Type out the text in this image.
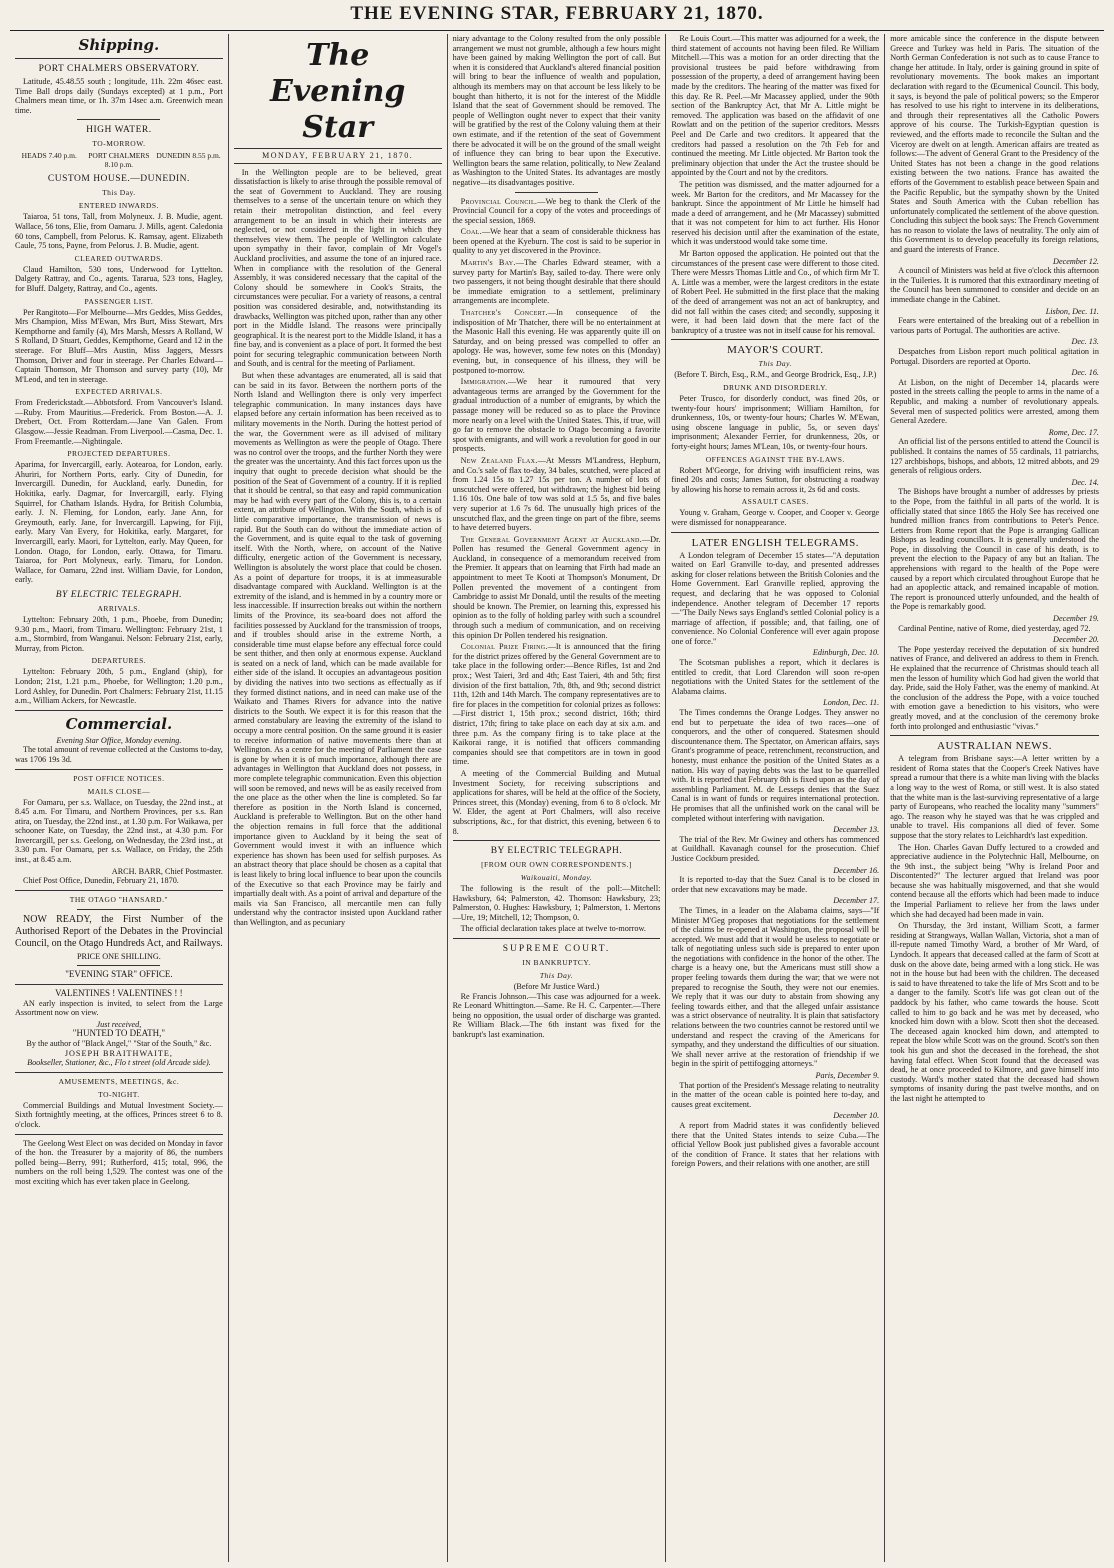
THE EVENING STAR, FEBRUARY 21, 1870.
Shipping.
PORT CHALMERS OBSERVATORY.

Latitude, 45.48.55 south ; longitude, 11h. 22m 46sec east. Time Ball drops daily (Sundays excepted) at 1 p.m., Port Chalmers mean time, or 1h. 37m 14sec a.m. Greenwich mean time.

HIGH WATER.
TO-MORROW.
HEADS 7.40 p.m.	PORT CHALMERS 8.10 p.m.
DUNEDIN 8.55 p.m.
CUSTOM HOUSE.—DUNEDIN.
This Day.
ENTERED INWARDS.

Taiaroa, 51 tons, Tall, from Molyneux. J. B. Mudie, agent. Wallace, 56 tons, Elie, from Oamaru. J. Mills, agent. Caledonia 60 tons, Campbell, from Pelorus. K. Ramsay, agent. Elizabeth Caule, 75 tons, Payne, from Pelorus. J. B. Mudie, agent.

CLEARED OUTWARDS.

Claud Hamilton, 530 tons, Underwood for Lyttelton. Dalgety Rattray, and Co., agents. Tararua, 523 tons, Hagley, for Bluff. Dalgety, Rattray, and Co., agents.

PASSENGER LIST.

Per Rangitoto—For Melbourne—Mrs Geddes, Miss Geddes, Mrs Champion, Miss M'Ewan, Mrs Burt, Miss Stewart, Mrs Kempthorne and family (4), Mrs Marsh, Messrs A Rolland, W S Rolland, D Stuart, Geddes, Kempthorne, Geard and 12 in the steerage. For Bluff—Mrs Austin, Miss Jaggers, Messrs Thomson, Driver and four in steerage. Per Charles Edward—Captain Thomson, Mr Thomson and survey party (10), Mr M'Leod, and ten in steerage.

EXPECTED ARRIVALS.

From Frederickstadt.—Abbotsford. From Vancouver's Island.—Ruby. From Mauritius.—Frederick. From Boston.—A. J. Drebert, Oct. From Rotterdam.—Jane Van Galen. From Glasgow.—Jessie Readman. From Liverpool.—Casma, Dec. 1. From Freemantle.—Nightingale.

PROJECTED DEPARTURES.

Aparima, for Invercargill, early. Aotearoa, for London, early. Ahuriri, for Northern Ports, early. City of Dunedin, for Invercargill. Dunedin, for Auckland, early. Dunedin, for Hokitika, early. Dagmar, for Invercargill, early. Flying Squirrel, for Chatham Islands. Hydra, for British Columbia, early. J. N. Fleming, for London, early. Jane Ann, for Greymouth, early. Jane, for Invercargill. Lapwing, for Fiji, early. Mary Van Every, for Hokitika, early. Margaret, for Invercargill, early. Maori, for Lyttelton, early. May Queen, for London. Otago, for London, early. Ottawa, for Timaru. Taiaroa, for Port Molyneux, early. Timaru, for London. Wallace, for Oamaru, 22nd inst. William Davie, for London, early.

BY ELECTRIC TELEGRAPH.
ARRIVALS.

Lyttelton: February 20th, 1 p.m., Phoebe, from Dunedin; 9.30 p.m., Maori, from Timaru. Wellington: February 21st, 1 a.m., Stormbird, from Wanganui. Nelson: February 21st, early, Murray, from Picton.

DEPARTURES.

Lyttelton: February 20th, 5 p.m., England (ship), for London; 21st, 1.21 p.m., Phoebe, for Wellington; 1.20 p.m., Lord Ashley, for Dunedin. Port Chalmers: February 21st, 11.15 a.m., William Ackers, for Newcastle.

Commercial.
Evening Star Office, Monday evening.

The total amount of revenue collected at the Customs to-day, was 1706 19s 3d.

POST OFFICE NOTICES.
MAILS CLOSE—

For Oamaru, per s.s. Wallace, on Tuesday, the 22nd inst., at 8.45 a.m. For Timaru, and Northern Provinces, per s.s. Ran atira, on Tuesday, the 22nd inst., at 1.30 p.m. For Waikawa, per schooner Kate, on Tuesday, the 22nd inst., at 4.30 p.m. For Invercargill, per s.s. Geelong, on Wednesday, the 23rd inst., at 3.30 p.m. For Oamaru, per s.s. Wallace, on Friday, the 25th inst., at 8.45 a.m.

ARCH. BARR, Chief Postmaster.

Chief Post Office, Dunedin, February 21, 1870.

THE OTAGO "HANSARD."

NOW READY, the First Number of the Authorised Report of the Debates in the Provincial Council, on the Otago Hundreds Act, and Railways.

PRICE ONE SHILLING.
"EVENING STAR" OFFICE.
VALENTINES ! VALENTINES ! !

AN early inspection is invited, to select from the Large Assortment now on view.

Just received,
"HUNTED TO DEATH,"
By the author of "Black Angel," "Star of the South," &c.
JOSEPH BRAITHWAITE,
Bookseller, Stationer, &c., Flo t street (old Arcade side).
AMUSEMENTS, MEETINGS, &c.
TO-NIGHT.

Commercial Buildings and Mutual Investment Society.—Sixth fortnightly meeting, at the offices, Princes street 6 to 8. o'clock.

The Geelong West Elect on was decided on Monday in favor of the hon. the Treasurer by a majority of 86, the numbers polled being—Berry, 991; Rutherford, 415; total, 996, the numbers on the roll being 1,529. The contest was one of the most exciting which has ever taken place in Geelong.

The Evening Star
MONDAY, FEBRUARY 21, 1870.

In the Wellington people are to be believed, great dissatisfaction is likely to arise through the possible removal of the seat of Government to Auckland. They are rousing themselves to a sense of the uncertain tenure on which they retain their metropolitan distinction, and feel every arrangement to be an insult in which their interests are neglected, or not considered in the light in which they themselves view them. The people of Wellington calculate upon sympathy in their favor, complain of Mr Vogel's Auckland proclivities, and assume the tone of an injured race. When in compliance with the resolution of the General Assembly, it was considered necessary that the capital of the Colony should be somewhere in Cook's Straits, the circumstances were peculiar. For a variety of reasons, a central position was considered desirable, and, notwithstanding its drawbacks, Wellington was pitched upon, rather than any other port in the Middle Island. The reasons were principally geographical. It is the nearest port to the Middle Island, it has a fine bay, and is convenient as a place of port. It formed the best point for securing telegraphic communication between North and South, and is central for the meeting of Parliament.

But when these advantages are enumerated, all is said that can be said in its favor. Between the northern ports of the North Island and Wellington there is only very imperfect telegraphic communication. In many instances days have elapsed before any certain information has been received as to military movements in the North. During the hottest period of the war, the Government were as ill advised of military movements as Wellington as were the people of Otago. There was no control over the troops, and the further North they were the greater was the uncertainty. And this fact forces upon us the inquiry that ought to precede decision what should be the position of the Seat of Government of a country. If it is replied that it should be central, so that easy and rapid communication may be had with every part of the Colony, this is, to a certain extent, an attribute of Wellington. With the South, which is of little comparative importance, the transmission of news is rapid. But the South can do without the immediate action of the Government, and is quite equal to the task of governing itself. With the North, where, on account of the Native difficulty, energetic action of the Government is necessary, Wellington is absolutely the worst place that could be chosen. As a point of departure for troops, it is at immeasurable disadvantage compared with Auckland. Wellington is at the extremity of the island, and is hemmed in by a country more or less inaccessible. If insurrection breaks out within the northern limits of the Province, its sea-board does not afford the facilities possessed by Auckland for the transmission of troops, and if troubles should arise in the extreme North, a considerable time must elapse before any effectual force could be sent thither, and then only at enormous expense. Auckland is seated on a neck of land, which can be made available for either side of the island. It occupies an advantageous position by dividing the natives into two sections as effectually as if they formed distinct nations, and in need can make use of the Waikato and Thames Rivers for advance into the native districts to the South. We expect it is for this reason that the armed constabulary are leaving the extremity of the island to occupy a more central position. On the same ground it is easier to receive information of native movements there than at Wellington. As a centre for the meeting of Parliament the case is gone by when it is of much importance, although there are advantages in Wellington that Auckland does not possess, in more complete telegraphic communication. Even this objection will soon be removed, and news will be as easily received from the one place as the other when the line is completed. So far therefore as position in the North Island is concerned, Auckland is preferable to Wellington. But on the other hand the objection remains in full force that the additional importance given to Auckland by it being the seat of Government would invest it with an influence which experience has shown has been used for selfish purposes. As an abstract theory that place should be chosen as a capital that is least likely to bring local influence to bear upon the councils of the Executive so that each Province may be fairly and impartially dealt with. As a point of arrival and departure of the mails via San Francisco, all mercantile men can fully understand why the contractor insisted upon Auckland rather than Wellington, and as pecuniary

niary advantage to the Colony resulted from the only possible arrangement we must not grumble, although a few hours might have been gained by making Wellington the port of call. But when it is considered that Auckland's altered financial position will bring to bear the influence of wealth and population, although its members may on that account be less likely to be bought than hitherto, it is not for the interest of the Middle Island that the seat of Government should be removed. The people of Wellington ought never to expect that their vanity will be gratified by the rest of the Colony valuing them at their own estimate, and if the retention of the seat of Government there be advocated it will be on the ground of the small weight of influence they can bring to bear upon the Executive. Wellington bears the same relation, politically, to New Zealand as Washington to the United States. Its advantages are mostly negative—its disadvantages positive.

Provincial Council.—We beg to thank the Clerk of the Provincial Council for a copy of the votes and proceedings of the special session, 1869.

Coal.—We hear that a seam of considerable thickness has been opened at the Kyeburn. The cost is said to be superior in quality to any yet discovered in the Province.

Martin's Bay.—The Charles Edward steamer, with a survey party for Martin's Bay, sailed to-day. There were only two passengers, it not being thought desirable that there should be immediate emigration to a settlement, preliminary arrangements are incomplete.

Thatcher's Concert.—In consequence of the indisposition of Mr Thatcher, there will be no entertainment at the Masonic Hall this evening. He was apparently quite ill on Saturday, and on being pressed was compelled to offer an apology. He was, however, some few notes on this (Monday) evening, but, in consequence of his illness, they will be postponed to-morrow.

Immigration.—We hear it rumoured that very advantageous terms are arranged by the Government for the gradual introduction of a number of emigrants, by which the passage money will be reduced so as to place the Province more nearly on a level with the United States. This, if true, will go far to remove the obstacle to Otago becoming a favorite spot with emigrants, and will work a revolution for good in our prospects.

New Zealand Flax.—At Messrs M'Landress, Hepburn, and Co.'s sale of flax to-day, 34 bales, scutched, were placed at from 1.24 15s to 1.27 15s per ton. A number of lots of unscutched were offered, but withdrawn; the highest bid being 1.16 10s. One bale of tow was sold at 1.5 5s, and five bales very superior at 1.6 7s 6d. The unusually high prices of the unscutched flax, and the green tinge on part of the fibre, seems to have deterred buyers.

The General Government Agent at Auckland.—Dr. Pollen has resumed the General Government agency in Auckland, in consequence of a memorandum received from the Premier. It appears that on learning that Firth had made an appointment to meet Te Kooti at Thompson's Monument, Dr Pollen prevented the movement of a contingent from Cambridge to assist Mr Donald, until the results of the meeting should be known. The Premier, on learning this, expressed his opinion as to the folly of holding parley with such a scoundrel through such a medium of communication, and on receiving this opinion Dr Pollen tendered his resignation.

Colonial Prize Firing.—It is announced that the firing for the district prizes offered by the General Government are to take place in the following order:—Bence Rifles, 1st and 2nd prox.; West Taieri, 3rd and 4th; East Taieri, 4th and 5th; first division of the first battalion, 7th, 8th, and 9th; second district 11th, 12th and 14th March. The company representatives are to fire for places in the competition for colonial prizes as follows:—First district 1, 15th prox.; second district, 16th; third district, 17th; firing to take place on each day at six a.m. and three p.m. As the company firing is to take place at the Kaikorai range, it is notified that officers commanding companies should see that competitors are in town in good time.

A meeting of the Commercial Building and Mutual Investment Society, for receiving subscriptions and applications for shares, will be held at the office of the Society, Princes street, this (Monday) evening, from 6 to 8 o'clock. Mr W. Elder, the agent at Port Chalmers, will also receive subscriptions, &c., for that district, this evening, between 6 to 8.

BY ELECTRIC TELEGRAPH.
[FROM OUR OWN CORRESPONDENTS.]
Waikouaiti, Monday.

The following is the result of the poll:—Mitchell: Hawksbury, 64; Palmerston, 42. Thomson: Hawksbury, 23; Palmerston, 0. Hughes: Hawksbury, 1; Palmerston, 1. Mertons—Ure, 19; Mitchell, 12; Thompson, 0.

The official declaration takes place at twelve to-morrow.

SUPREME COURT.
IN BANKRUPTCY.
This Day.
(Before Mr Justice Ward.)

Re Francis Johnson.—This case was adjourned for a week. Re Leonard Whittington.—Same. Re H. C. Carpenter.—There being no opposition, the usual order of discharge was granted. Re William Black.—The 6th instant was fixed for the bankrupt's last examination.

Re Louis Court.—This matter was adjourned for a week, the third statement of accounts not having been filed. Re William Mitchell.—This was a motion for an order directing that the provisional trustees be paid before withdrawing from possession of the property, a deed of arrangement having been made by the creditors. The hearing of the matter was fixed for this day. Re R. Peel.—Mr Macassey applied, under the 90th section of the Bankruptcy Act, that Mr A. Little might be removed. The application was based on the affidavit of one Rowlatt and on the petition of the superior creditors. Messrs Peel and De Carle and two creditors. It appeared that the creditors had passed a resolution on the 7th Feb for and continued the meeting. Mr Little objected. Mr Barton took the preliminary objection that under the Act the trustee should be appointed by the Court and not by the creditors.

The petition was dismissed, and the matter adjourned for a week. Mr Barton for the creditors, and Mr Macassey for the bankrupt. Since the appointment of Mr Little he himself had made a deed of arrangement, and he (Mr Macassey) submitted that it was not competent for him to act further. His Honor reserved his decision until after the examination of the estate, which it was understood would take some time.

Mr Barton opposed the application. He pointed out that the circumstances of the present case were different to those cited. There were Messrs Thomas Little and Co., of which firm Mr T. A. Little was a member, were the largest creditors in the estate of Robert Peel. He submitted in the first place that the making of the deed of arrangement was not an act of bankruptcy, and did not fall within the cases cited; and secondly, supposing it were, it had been laid down that the mere fact of the bankruptcy of a trustee was not in itself cause for his removal.

MAYOR'S COURT.
This Day.
(Before T. Birch, Esq., R.M., and George Brodrick, Esq., J.P.)
DRUNK AND DISORDERLY.

Peter Trusco, for disorderly conduct, was fined 20s, or twenty-four hours' imprisonment; William Hamilton, for drunkenness, 10s, or twenty-four hours; Charles W. M'Ewan, using obscene language in public, 5s, or seven days' imprisonment; Alexander Ferrier, for drunkenness, 20s, or forty-eight hours; James M'Lean, 10s, or twenty-four hours.

OFFENCES AGAINST THE BY-LAWS.

Robert M'George, for driving with insufficient reins, was fined 20s and costs; James Sutton, for obstructing a roadway by allowing his horse to remain across it, 2s 6d and costs.

ASSAULT CASES.

Young v. Graham, George v. Cooper, and Cooper v. George were dismissed for nonappearance.

LATER ENGLISH TELEGRAMS.

A London telegram of December 15 states—"A deputation waited on Earl Granville to-day, and presented addresses asking for closer relations between the British Colonies and the Home Government. Earl Granville replied, approving the request, and declaring that he was opposed to Colonial independence. Another telegram of December 17 reports—"The Daily News says England's settled Colonial policy is a marriage of affection, if possible; and, that failing, one of convenience. No Colonial Conference will ever again propose one of force."

Edinburgh, Dec. 10.

The Scotsman publishes a report, which it declares is entitled to credit, that Lord Clarendon will soon re-open negotiations with the United States for the settlement of the Alabama claims.

London, Dec. 11.

The Times condemns the Orange Lodges. They answer no end but to perpetuate the idea of two races—one of conquerors, and the other of conquered. Statesmen should discountenance them. The Spectator, on American affairs, says Grant's programme of peace, retrenchment, reconstruction, and honesty, must enhance the position of the United States as a nation. His way of paying debts was the last to be quarrelled with. It is reported that February 8th is fixed upon as the day of assembling Parliament. M. de Lesseps denies that the Suez Canal is in want of funds or requires international protection. He promises that all the unfinished work on the canal will be completed without interfering with navigation.

December 13.

The trial of the Rev. Mr Gwiney and others has commenced at Guildhall. Kavanagh counsel for the prosecution. Chief Justice Cockburn presided.

December 16.

It is reported to-day that the Suez Canal is to be closed in order that new excavations may be made.

December 17.

The Times, in a leader on the Alabama claims, says—"If Minister M'Geg proposes that negotiations for the settlement of the claims be re-opened at Washington, the proposal will be accepted. We must add that it would be useless to negotiate or talk of negotiating unless such side is prepared to enter upon the negotiations with confidence in the honor of the other. The charge is a heavy one, but the Americans must still show a proper feeling towards them during the war; that we were not prepared to recognise the South, they were not our enemies. We reply that it was our duty to abstain from showing any feeling towards either, and that the alleged unfair assistance was a strict observance of neutrality. It is plain that satisfactory relations between the two countries cannot be restored until we understand and respect the craving of the Americans for sympathy, and they understand the difficulties of our situation. We shall never arrive at the restoration of friendship if we begin in the spirit of pettifogging attorneys."

Paris, December 9.

That portion of the President's Message relating to neutrality in the matter of the ocean cable is pointed here to-day, and causes great excitement.

December 10.

A report from Madrid states it was confidently believed there that the United States intends to seize Cuba.—The official Yellow Book just published gives a favorable account of the condition of France. It states that her relations with foreign Powers, and their relations with one another, are still

more amicable since the conference in the dispute between Greece and Turkey was held in Paris. The situation of the North German Confederation is not such as to cause France to change her attitude. In Italy, order is gaining ground in spite of revolutionary movements. The book makes an important declaration with regard to the Œcumenical Council. This body, it says, is beyond the pale of political powers; so the Emperor has resolved to use his right to intervene in its deliberations, and through their representatives all the Catholic Powers approve of his course. The Turkish-Egyptian question is reviewed, and the efforts made to reconcile the Sultan and the Viceroy are dwelt on at length. American affairs are treated as follows:—The advent of General Grant to the Presidency of the United States has not been a change in the good relations existing between the two nations. France has awaited the efforts of the Government to establish peace between Spain and the Pacific Republic, but the sympathy shown by the United States and South America with the Cuban rebellion has unfortunately complicated the settlement of the above question. Concluding this subject the book says: The French Government has no reason to violate the laws of neutrality. The only aim of this Government is to develop peacefully its foreign relations, and guard the interests of France.

December 12.

A council of Ministers was held at five o'clock this afternoon in the Tuileries. It is rumored that this extraordinary meeting of the Council has been summoned to consider and decide on an immediate change in the Cabinet.

Lisbon, Dec. 11.

Fears were entertained of the breaking out of a rebellion in various parts of Portugal. The authorities are active.

Dec. 13.

Despatches from Lisbon report much political agitation in Portugal. Disorders are reported at Oporto.

Dec. 16.

At Lisbon, on the night of December 14, placards were posted in the streets calling the people to arms in the name of a Republic, and making a number of revolutionary appeals. Several men of suspected politics were arrested, among them General Azedere.

Rome, Dec. 17.

An official list of the persons entitled to attend the Council is published. It contains the names of 55 cardinals, 11 patriarchs, 127 archbishops, bishops, and abbots, 12 mitred abbots, and 29 generals of religious orders.

Dec. 14.

The Bishops have brought a number of addresses by priests to the Pope, from the faithful in all parts of the world. It is officially stated that since 1865 the Holy See has received one hundred million francs from contributions to Peter's Pence. Letters from Rome report that the Pope is arranging Gallican Bishops as leading councillors. It is generally understood the Pope, in dissolving the Council in case of his death, is to prevent the election to the Papacy of any but an Italian. The apprehensions with regard to the health of the Pope were caused by a report which circulated throughout Europe that he had an apoplectic attack, and remained incapable of motion. The report is pronounced utterly unfounded, and the health of the Pope is remarkably good.

December 19.

Cardinal Pentine, native of Rome, died yesterday, aged 72.

December 20.

The Pope yesterday received the deputation of six hundred natives of France, and delivered an address to them in French. He explained that the recurrence of Christmas should teach all men the lesson of humility which God had given the world that day. Pride, said the Holy Father, was the enemy of mankind. At the conclusion of the address the Pope, with a voice touched with emotion gave a benediction to his visitors, who were greatly moved, and at the conclusion of the ceremony broke forth into prolonged and enthusiastic "vivas."

AUSTRALIAN NEWS.

A telegram from Brisbane says:—A letter written by a resident of Roma states that the Cooper's Creek Natives have spread a rumour that there is a white man living with the blacks a long way to the west of Roma, or still west. It is also stated that the white man is the last-surviving representative of a large party of Europeans, who reached the locality many "summers" ago. The reason why he stayed was that he was crippled and unable to travel. His companions all died of fever. Some suppose that the story relates to Leichhardt's last expedition.

The Hon. Charles Gavan Duffy lectured to a crowded and appreciative audience in the Polytechnic Hall, Melbourne, on the 9th inst., the subject being "Why is Ireland Poor and Discontented?" The lecturer argued that Ireland was poor because she was habitually misgoverned, and that she would contend because all the efforts which had been made to induce the Imperial Parliament to relieve her from the laws under which she had decayed had been made in vain.

On Thursday, the 3rd instant, William Scott, a farmer residing at Strangways, Wallan Wallan, Victoria, shot a man of ill-repute named Timothy Ward, a brother of Mr Ward, of Lyndoch. It appears that deceased called at the farm of Scott at dusk on the above date, being armed with a long stick. He was not in the house but had been with the children. The deceased is said to have threatened to take the life of Mrs Scott and to be a danger to the family. Scott's life was got clean out of the paddock by his father, who came towards the house. Scott called to him to go back and he was met by deceased, who knocked him down with a blow. Scott then shot the deceased. The deceased again knocked him down, and attempted to repeat the blow while Scott was on the ground. Scott's son then took his gun and shot the deceased in the forehead, the shot having fatal effect. When Scott found that the deceased was dead, he at once proceeded to Kilmore, and gave himself into custody. Ward's mother stated that the deceased had shown symptoms of insanity during the past twelve months, and on the last night he attempted to
